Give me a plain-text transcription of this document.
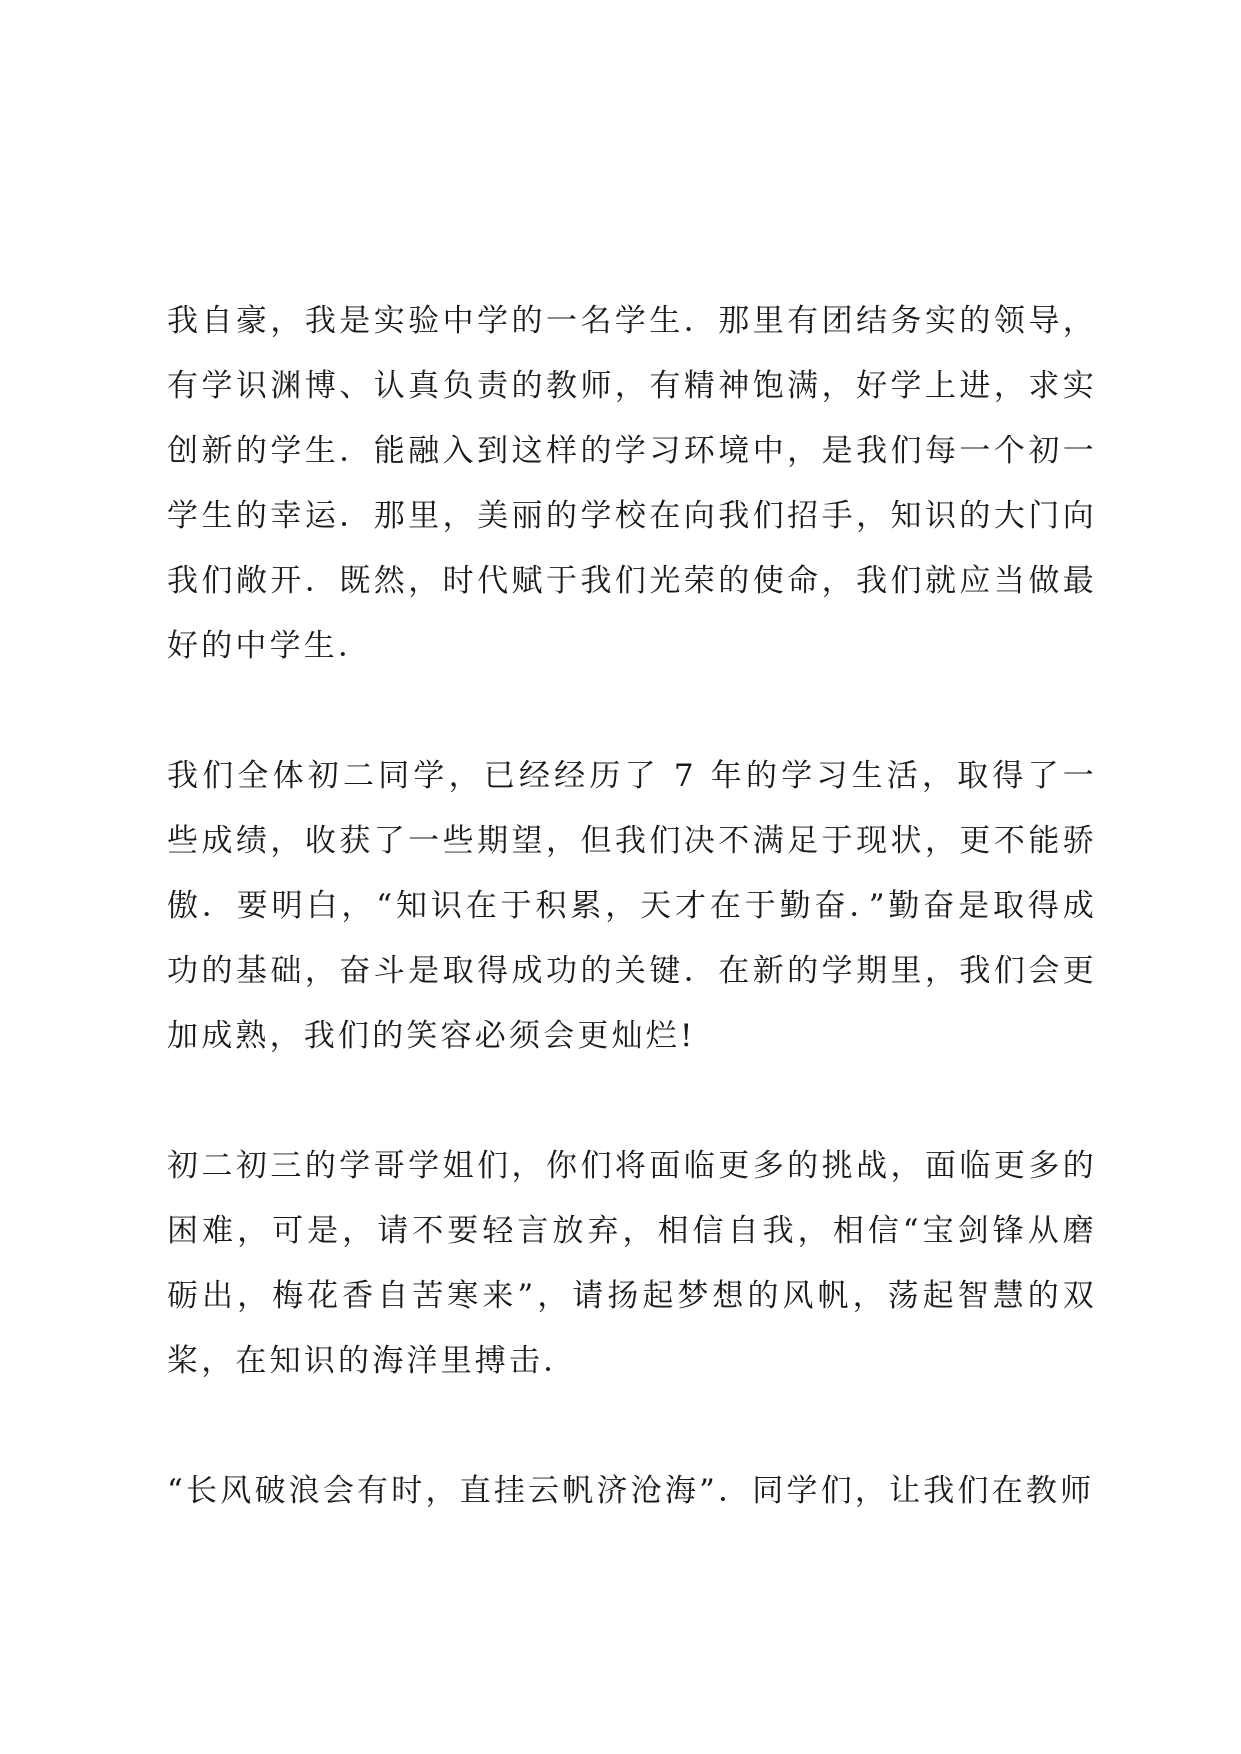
我自豪，我是实验中学的一名学生．那里有团结务实的领导，有学识渊博、认真负责的教师，有精神饱满，好学上进，求实创新的学生．能融入到这样的学习环境中，是我们每一个初一学生的幸运．那里，美丽的学校在向我们招手，知识的大门向我们敞开．既然，时代赋于我们光荣的使命，我们就应当做最好的中学生．

我们全体初二同学，已经经历了 7 年的学习生活，取得了一些成绩，收获了一些期望，但我们决不满足于现状，更不能骄傲．要明白，“知识在于积累，天才在于勤奋．”勤奋是取得成功的基础，奋斗是取得成功的关键．在新的学期里，我们会更加成熟，我们的笑容必须会更灿烂!

初二初三的学哥学姐们，你们将面临更多的挑战，面临更多的困难，可是，请不要轻言放弃，相信自我，相信“宝剑锋从磨砺出，梅花香自苦寒来”，请扬起梦想的风帆，荡起智慧的双桨，在知识的海洋里搏击．

“长风破浪会有时，直挂云帆济沧海”．同学们，让我们在教师
